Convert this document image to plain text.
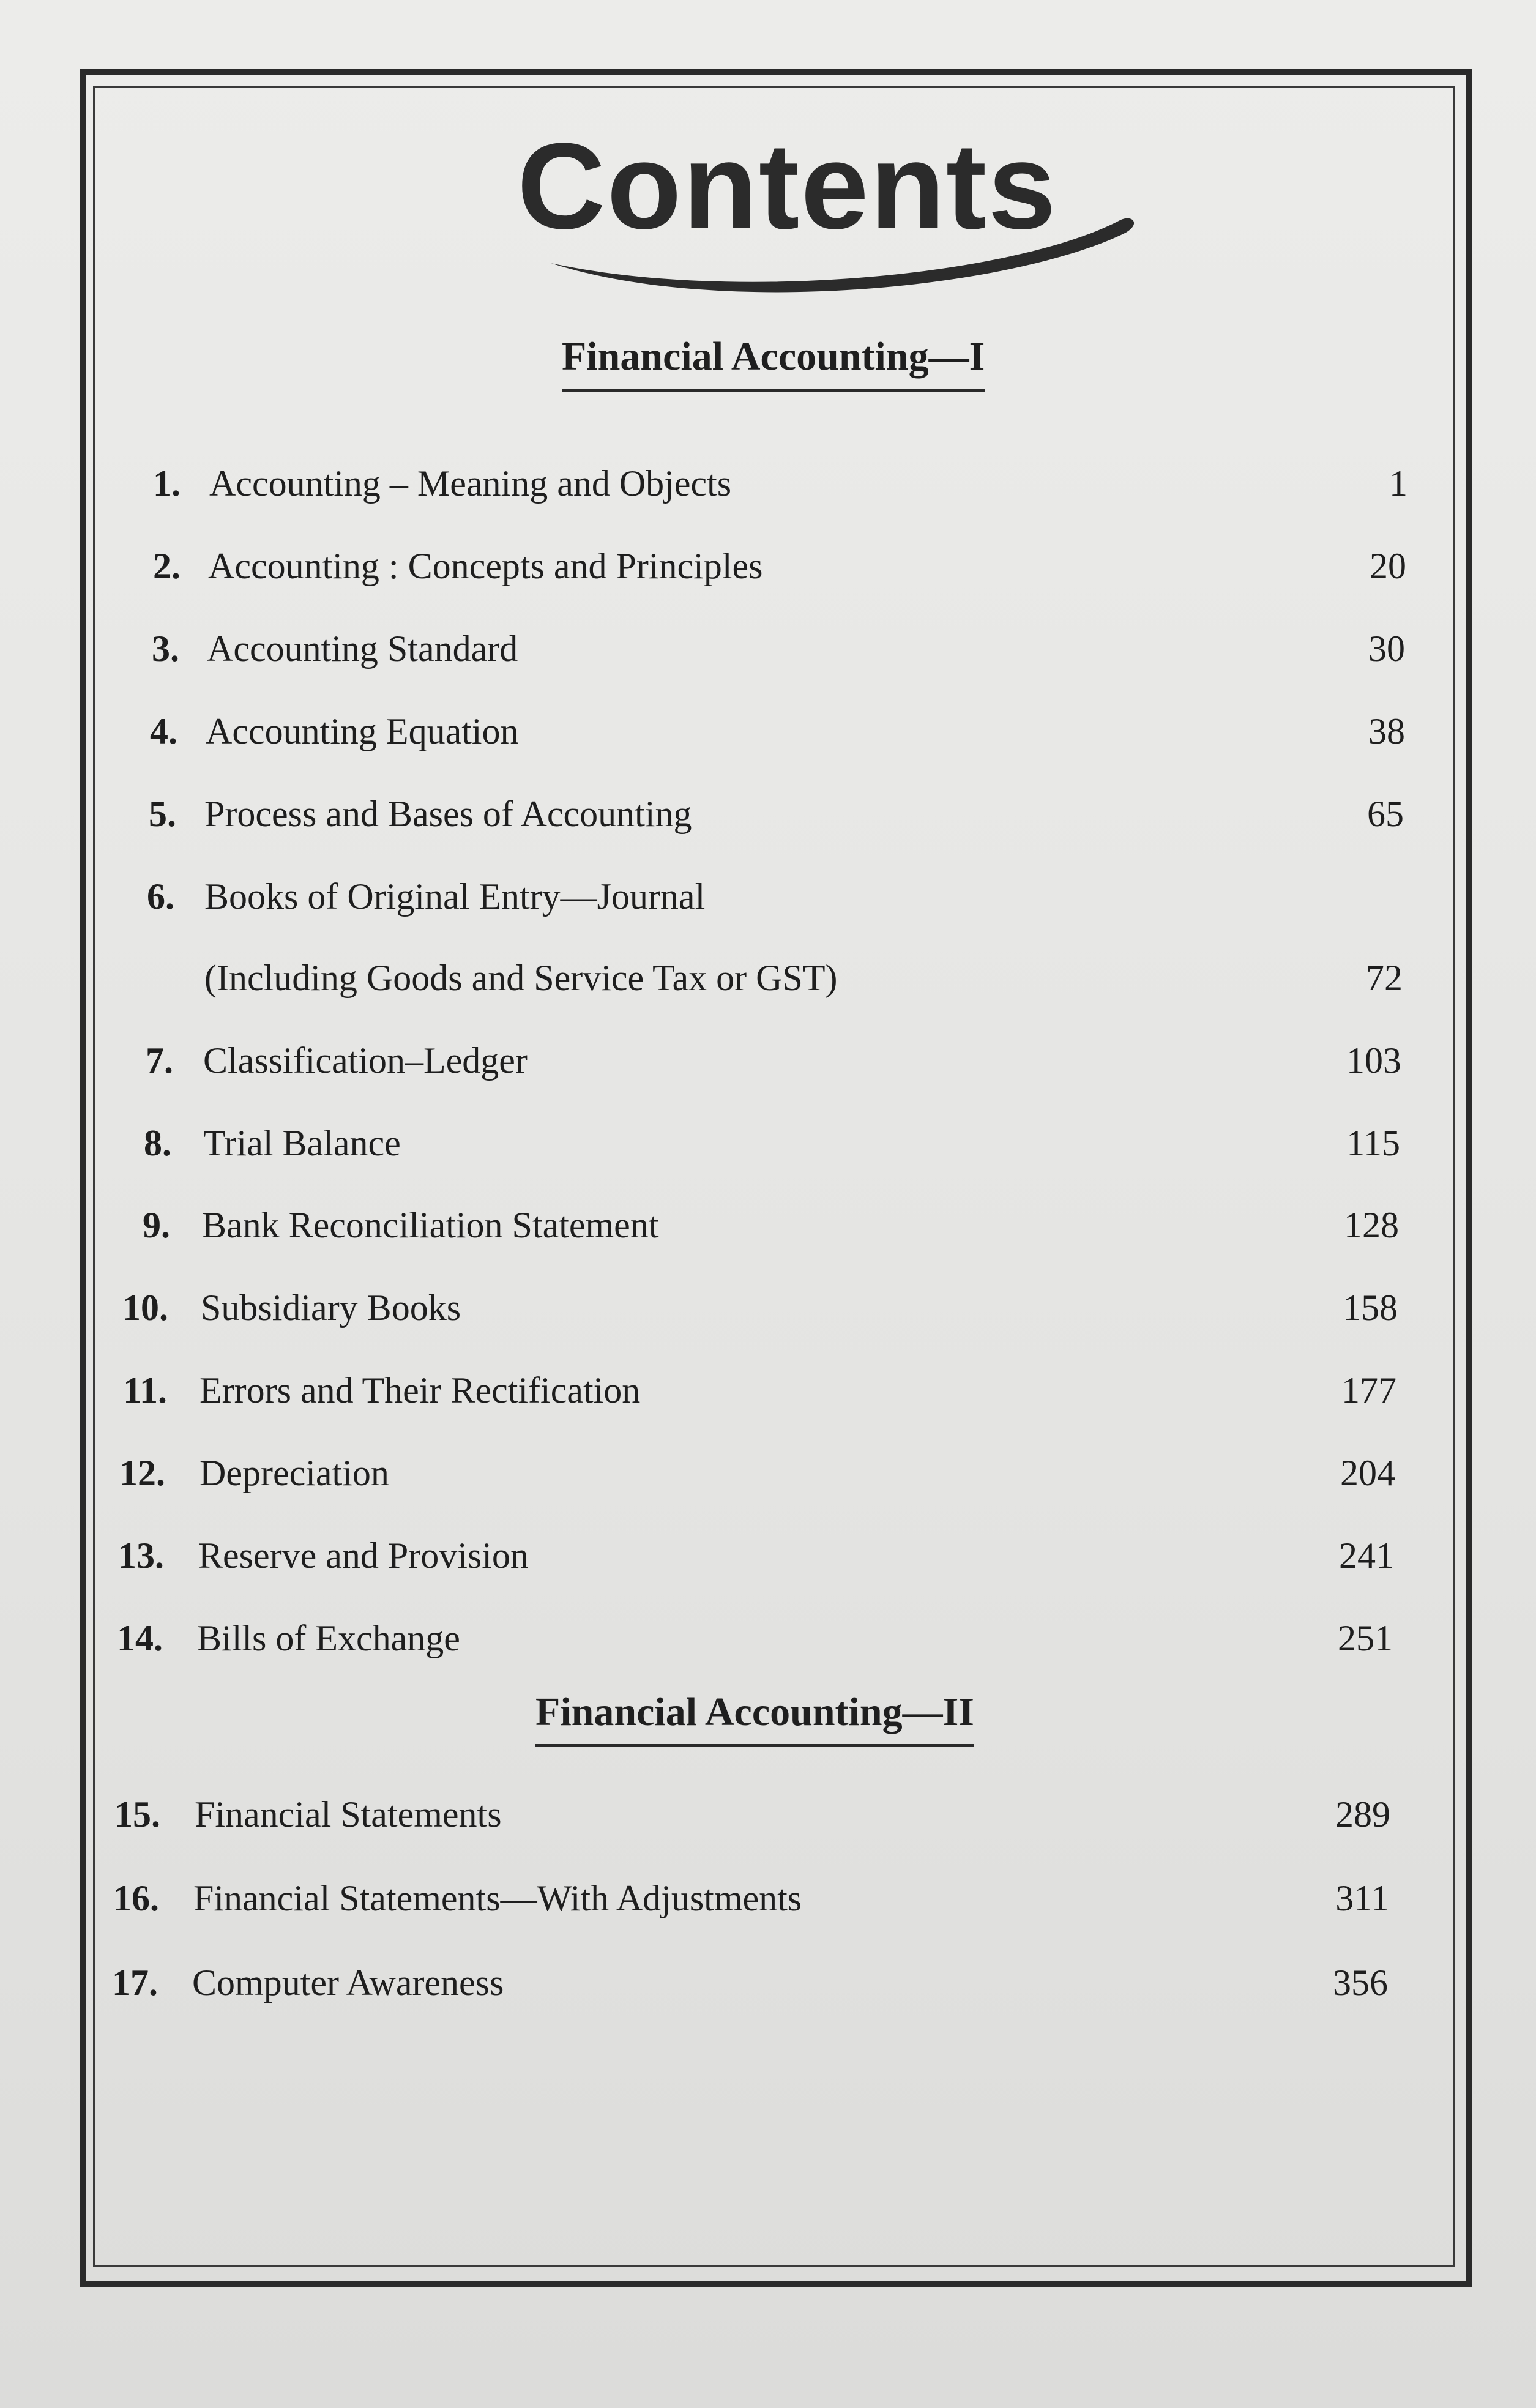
Contents
Financial Accounting—I
1. Accounting – Meaning and Objects	1
2. Accounting : Concepts and Principles	20
3. Accounting Standard	30
4. Accounting Equation	38
5. Process and Bases of Accounting	65
6. Books of Original Entry—Journal
(Including Goods and Service Tax or GST)	72
7. Classification–Ledger	103
8. Trial Balance	115
9. Bank Reconciliation Statement	128
10. Subsidiary Books	158
11. Errors and Their Rectification	177
12. Depreciation	204
13. Reserve and Provision	241
14. Bills of Exchange	251
Financial Accounting—II
15. Financial Statements	289
16. Financial Statements—With Adjustments	311
17. Computer Awareness	356
